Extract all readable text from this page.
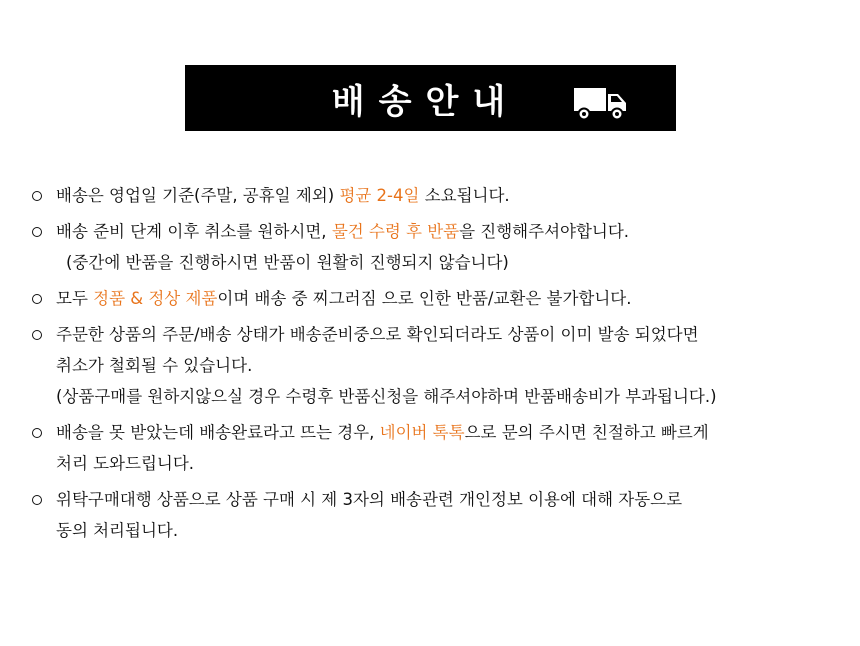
배송안내
배송은 영업일 기준(주말, 공휴일 제외) 평균 2-4일 소요됩니다.
배송 준비 단계 이후 취소를 원하시면, 물건 수령 후 반품을 진행해주셔야합니다.
(중간에 반품을 진행하시면 반품이 원활히 진행되지 않습니다)
모두 정품 & 정상 제품이며 배송 중 찌그러짐 으로 인한 반품/교환은 불가합니다.
주문한 상품의 주문/배송 상태가 배송준비중으로 확인되더라도 상품이 이미 발송 되었다면
취소가 철회될 수 있습니다.
(상품구매를 원하지않으실 경우 수령후 반품신청을 해주셔야하며 반품배송비가 부과됩니다.)
배송을 못 받았는데 배송완료라고 뜨는 경우, 네이버 톡톡으로 문의 주시면 친절하고 빠르게
처리 도와드립니다.
위탁구매대행 상품으로 상품 구매 시 제 3자의 배송관련 개인정보 이용에 대해 자동으로
동의 처리됩니다.
